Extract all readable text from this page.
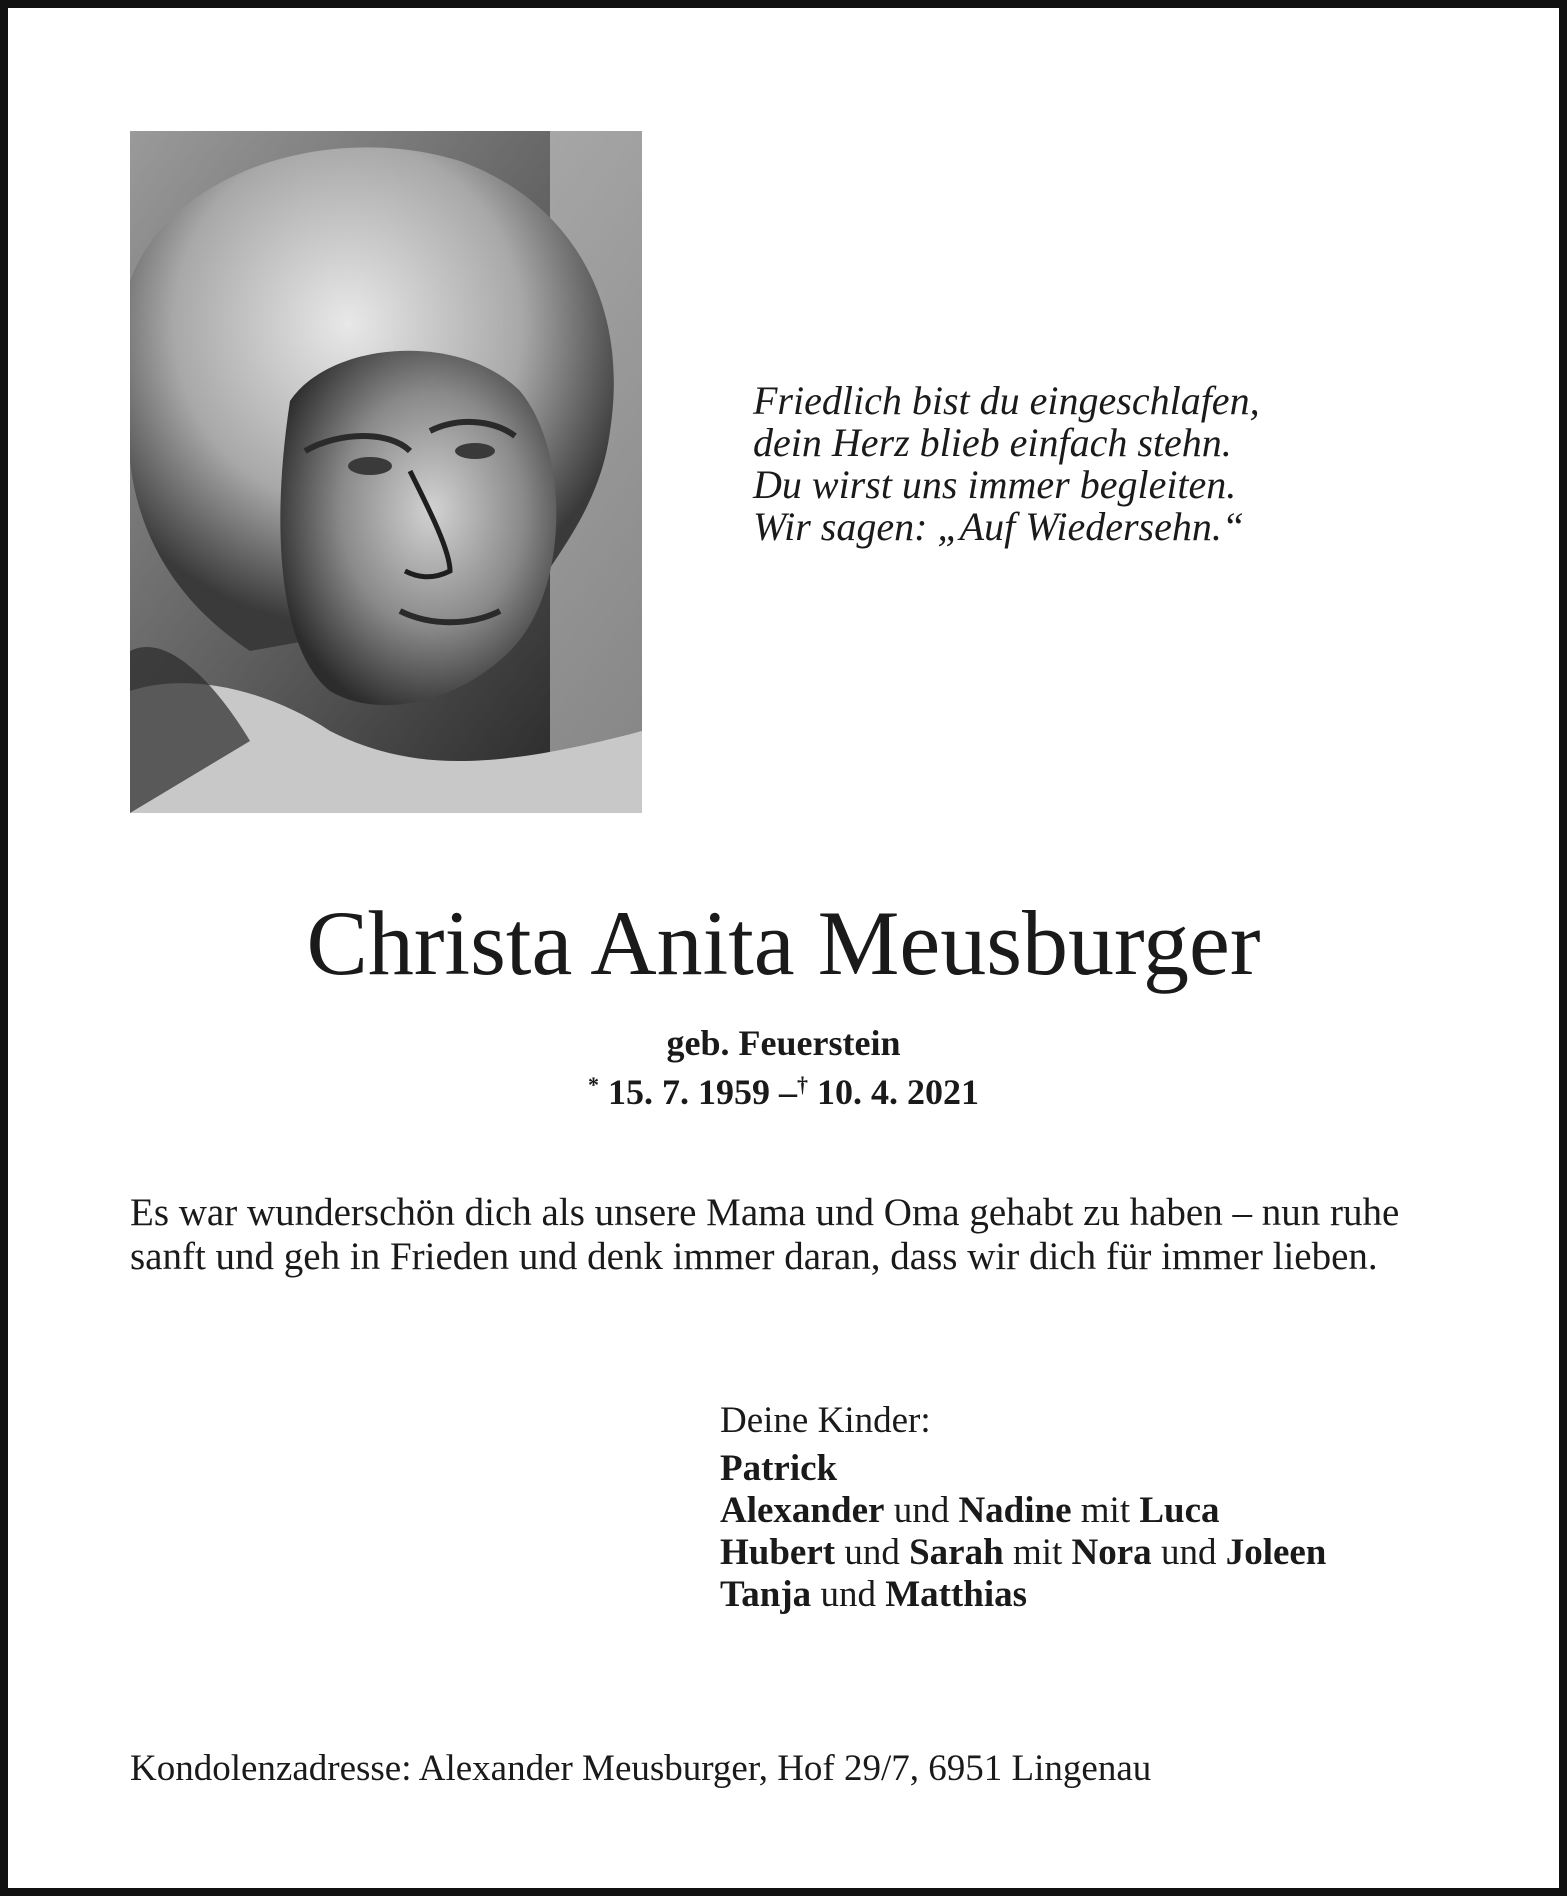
Friedlich bist du eingeschlafen,
dein Herz blieb einfach stehn.
Du wirst uns immer begleiten.
Wir sagen: „Auf Wiedersehn.“
Christa Anita Meusburger
geb. Feuerstein
* 15. 7. 1959 –† 10. 4. 2021
Es war wunderschön dich als unsere Mama und Oma gehabt zu haben – nun ruhe sanft und geh in Frieden und denk immer daran, dass wir dich für immer lieben.
Deine Kinder:
Patrick
Alexander und Nadine mit Luca
Hubert und Sarah mit Nora und Joleen
Tanja und Matthias
Kondolenzadresse: Alexander Meusburger, Hof 29/7, 6951 Lingenau
